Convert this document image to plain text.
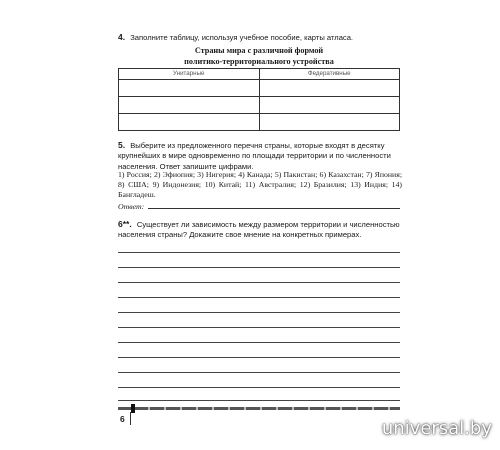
4. Заполните таблицу, используя учебное пособие, карты атласа.
Страны мира с различной формой
политико-территориального устройства
Унитарные	Федеративные

5. Выберите из предложенного перечня страны, которые входят в десятку крупнейших в мире одновременно по площади территории и по численности населения. Ответ запишите цифрами.
1) Россия; 2) Эфиопия; 3) Нигерия; 4) Канада; 5) Пакистан; 6) Казахстан; 7) Япония; 8) США; 9) Индонезия; 10) Китай; 11) Австралия; 12) Бразилия; 13) Индия; 14) Бангладеш.
Ответ:
6**. Существует ли зависимость между размером территории и численностью населения страны? Докажите свое мнение на конкретных примерах.
6	universal.by
